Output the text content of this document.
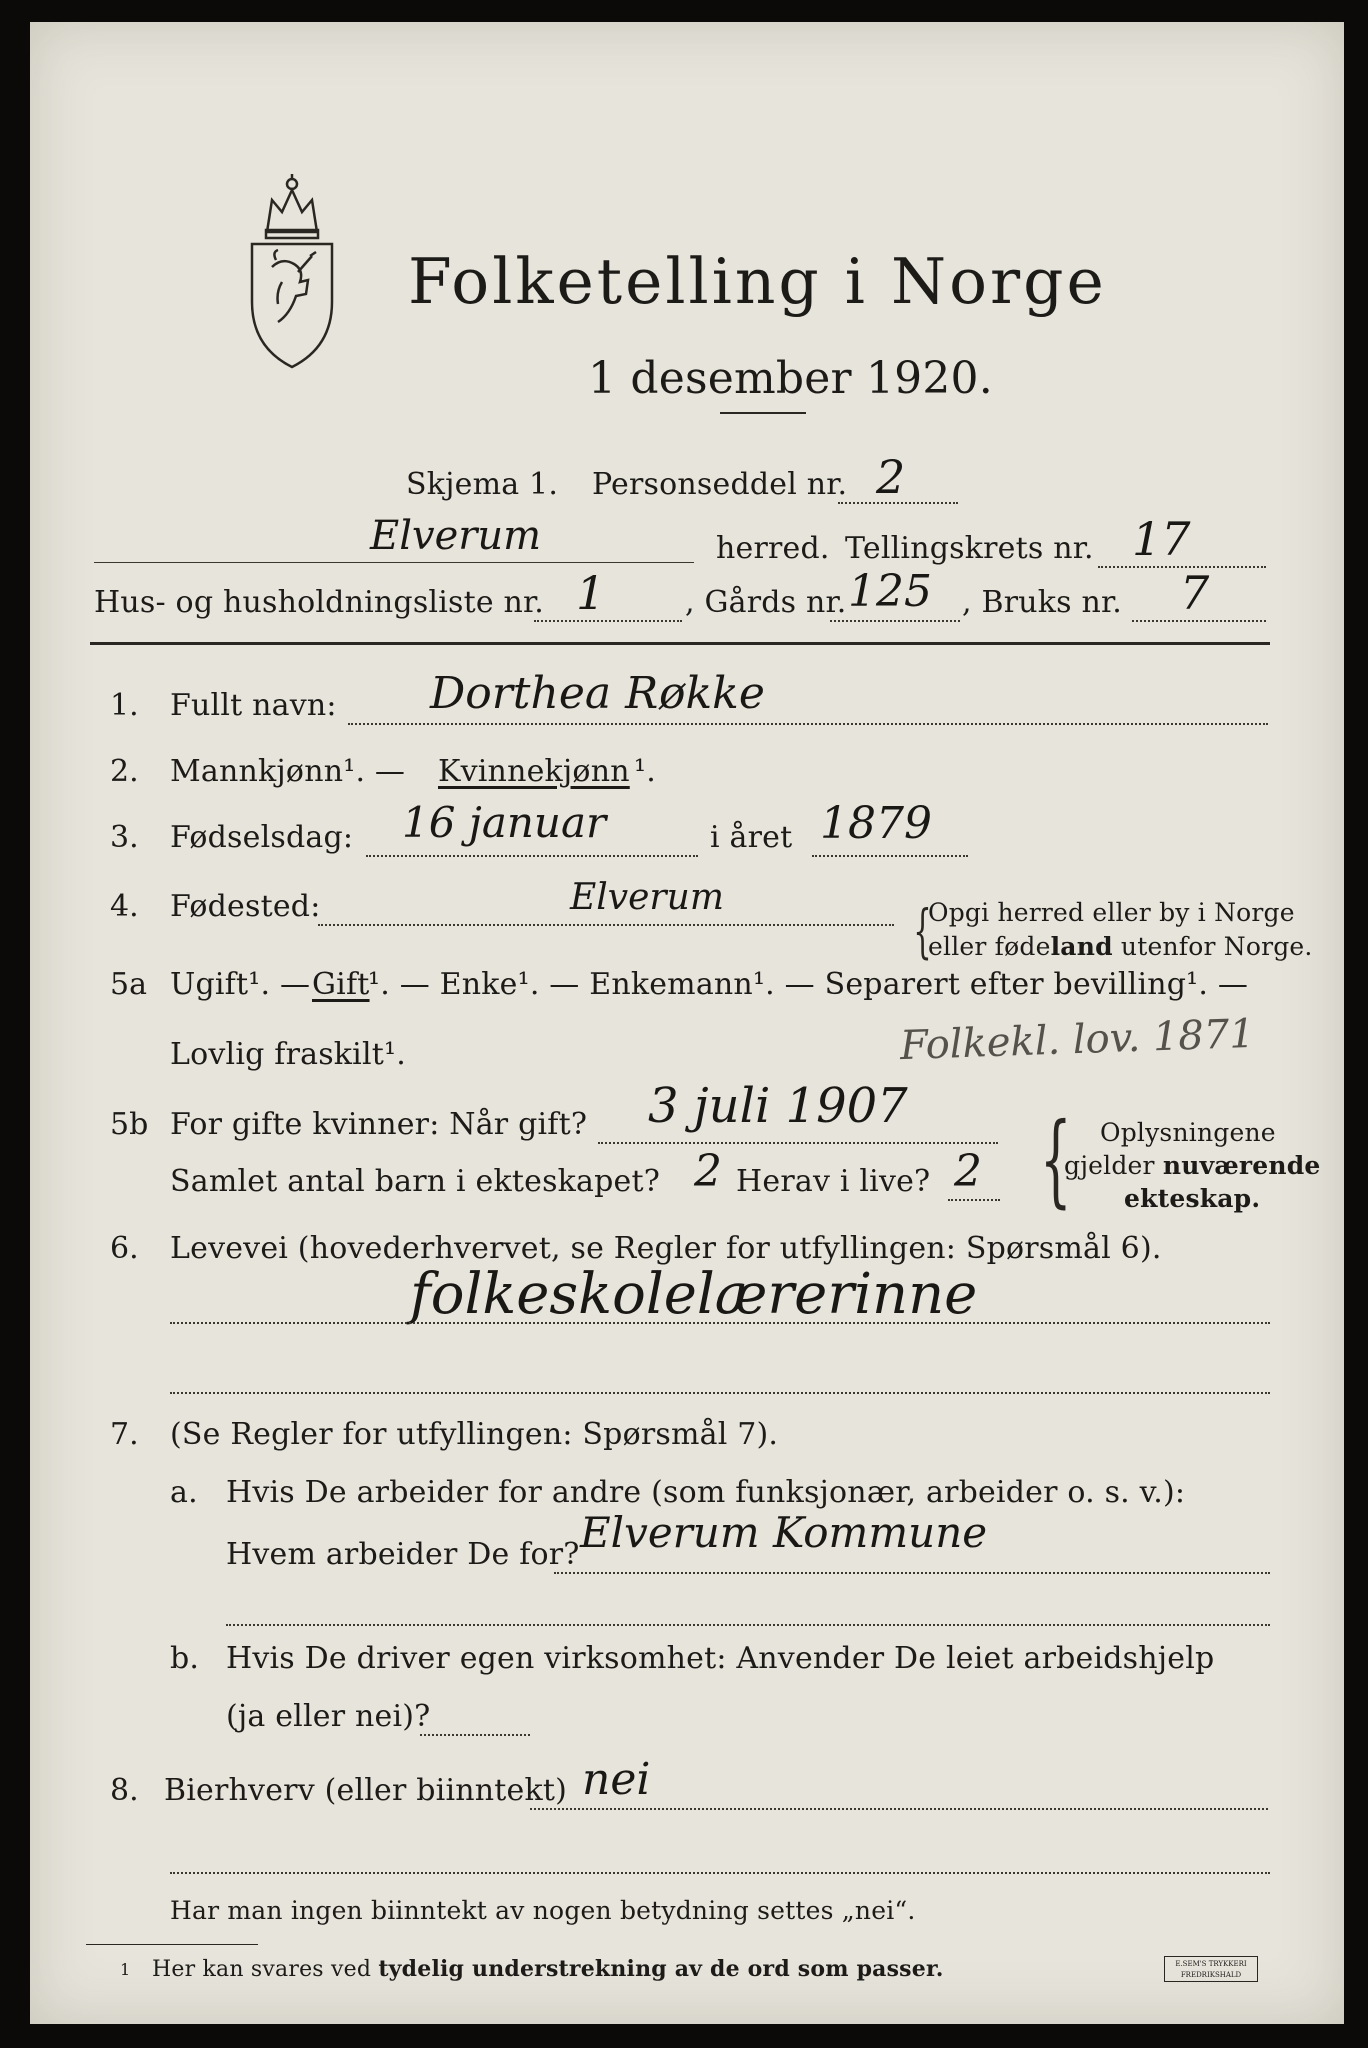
Folketelling i Norge
1 desember 1920.
Skjema 1. Personseddel nr. 2
Elverum	herred. Tellingskrets nr. 17
Hus- og husholdningsliste nr. 1	, Gårds nr. 125 , Bruks nr. 7
1. Fullt navn: Dorthea Røkke
2. Mannkjønn¹. — Kvinnekjønn ¹.
3. Fødselsdag: 16 januar	i året 1879
4. Fødested:	Elverum	{
Opgi herred eller by i Norge
eller fødeland utenfor Norge.
5a Ugift¹. — Gift
¹. — Enke¹. — Enkemann¹. — Separert efter bevilling¹. —
Lovlig fraskilt¹.	Folkekl. lov. 1871
5b For gifte kvinner: Når gift? 3 juli 1907
Samlet antal barn i ekteskapet? 2 Herav i live? 2 { Oplysningene
gjelder nuværende
ekteskap.
6. Levevei (hovederhvervet, se Regler for utfyllingen: Spørsmål 6).
folkeskolelærerinne
7. (Se Regler for utfyllingen: Spørsmål 7).
a. Hvis De arbeider for andre (som funksjonær, arbeider o. s. v.):
Hvem arbeider De for? Elverum Kommune
b. Hvis De driver egen virksomhet: Anvender De leiet arbeidshjelp
(ja eller nei)?
8. Bierhverv (eller biinntekt) nei
Har man ingen biinntekt av nogen betydning settes „nei“.
1 Her kan svares ved tydelig understrekning av de ord som passer.	E.SEM'S TRYKKERI
FREDRIKSHALD
